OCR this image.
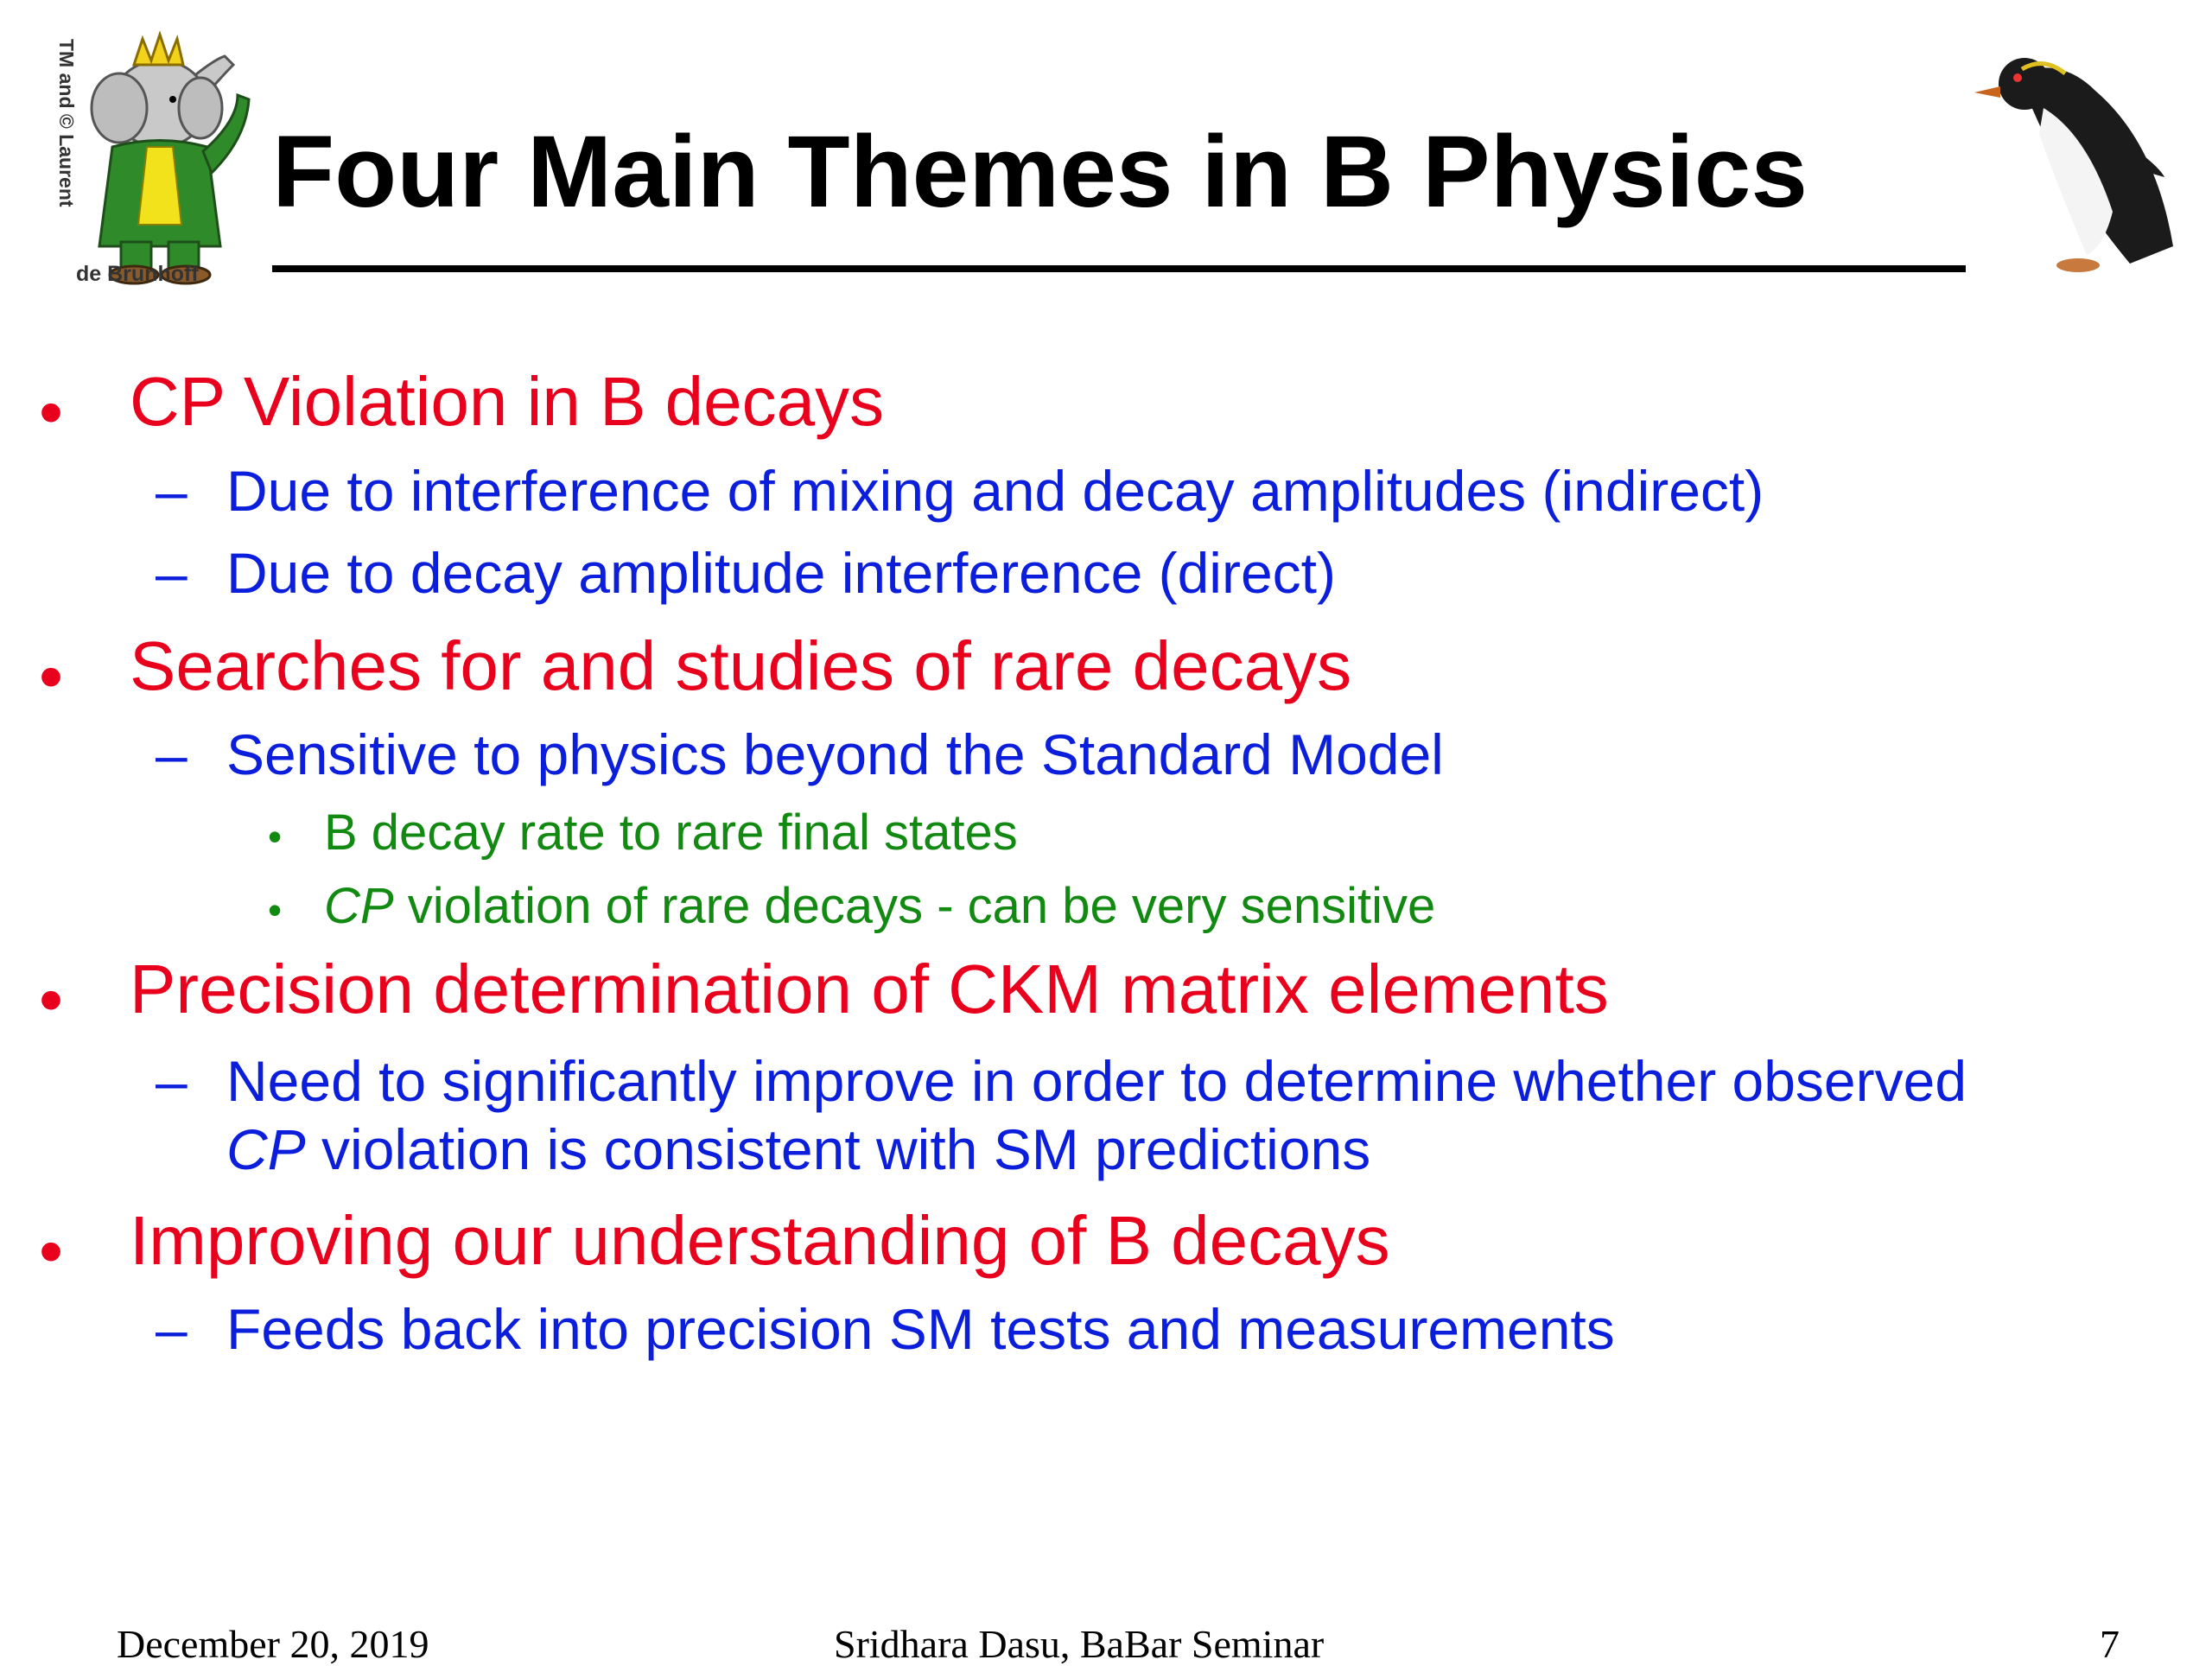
TM and © Laurent
de Brunhoff
Four Main Themes in B Physics
• CP Violation in B decays
– Due to interference of mixing and decay amplitudes (indirect)
– Due to decay amplitude interference (direct)
• Searches for and studies of rare decays
– Sensitive to physics beyond the Standard Model
• B decay rate to rare final states
• CP violation of rare decays - can be very sensitive
• Precision determination of CKM matrix elements
– Need to significantly improve in order to determine whether observed
CP violation is consistent with SM predictions
• Improving our understanding of B decays
– Feeds back into precision SM tests and measurements
December 20, 2019	Sridhara Dasu, BaBar Seminar	7
